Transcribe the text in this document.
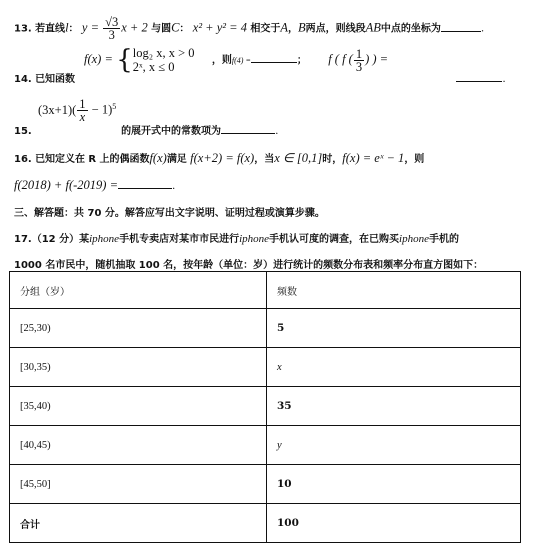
13. 若直线l： $y = \frac{√3}{3}$ x + 2 与圆C： x² + y² = 4 相交于A，B两点，则线段AB中点的坐标为	.
f(x) = { log₂ x, x > 0
2ˣ, x ≤ 0	，则f(4) =	； f ( f ( $\frac{1}{3}$ ) ) =
14. 已知函数	.
$(3x+1)( \frac{1}{x} - 1)^5$
15.	的展开式中的常数项为	.
16. 已知定义在 R 上的偶函数f(x)满足 f(x+2) = f(x)，当x ∈ [0,1]时，f(x) = eˣ − 1，则
f(2018) + f(-2019) =	.
三、解答题：共 70 分。解答应写出文字说明、证明过程或演算步骤。
17.（12 分）某iphone手机专卖店对某市市民进行iphone手机认可度的调查，在已购买iphone手机的
1000 名市民中，随机抽取 100 名，按年龄（单位：岁）进行统计的频数分布表和频率分布直方图如下：
分组（岁）	频数
[25,30)	5
[30,35)	x
[35,40)	35
[40,45)	y
[45,50]	10
合计	100
